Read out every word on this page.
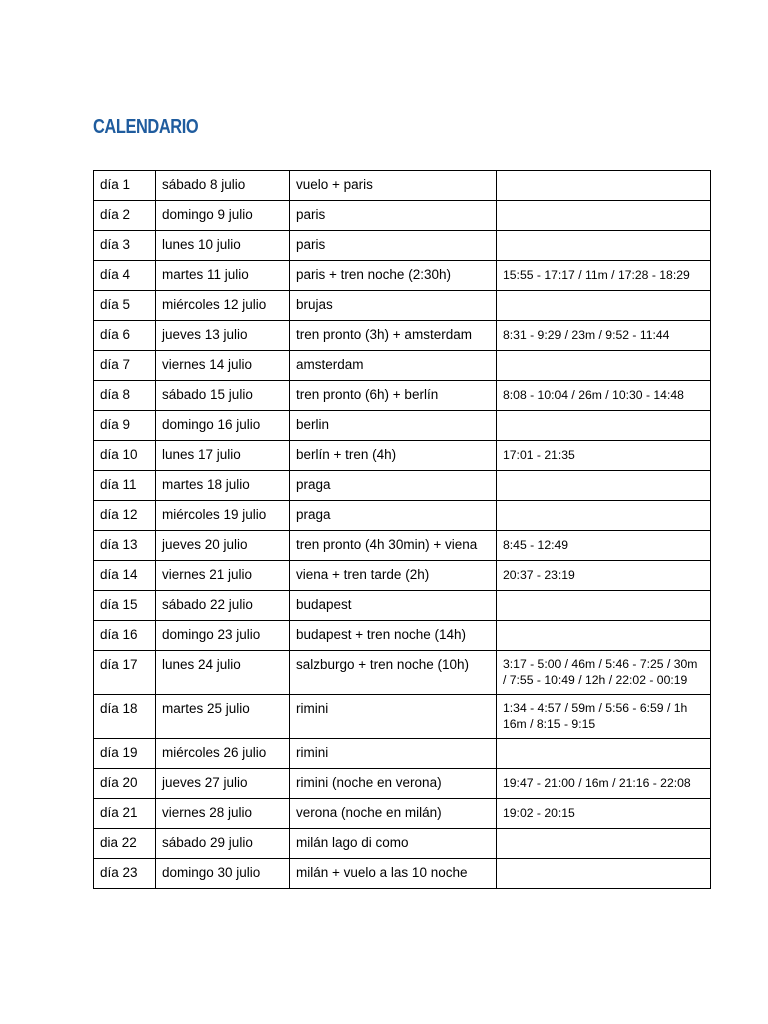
CALENDARIO
día 1	sábado 8 julio	vuelo + paris	
día 2	domingo 9 julio	paris	
día 3	lunes 10 julio	paris	
día 4	martes 11 julio	paris + tren noche (2:30h)	15:55 - 17:17 / 11m / 17:28 - 18:29
día 5	miércoles 12 julio	brujas	
día 6	jueves 13 julio	tren pronto (3h) + amsterdam	8:31 - 9:29 / 23m / 9:52 - 11:44
día 7	viernes 14 julio	amsterdam	
día 8	sábado 15 julio	tren pronto (6h) + berlín	8:08 - 10:04 / 26m / 10:30 - 14:48
día 9	domingo 16 julio	berlin	
día 10	lunes 17 julio	berlín + tren (4h)	17:01 - 21:35
día 11	martes 18 julio	praga	
día 12	miércoles 19 julio	praga	
día 13	jueves 20 julio	tren pronto (4h 30min) + viena	8:45 - 12:49
día 14	viernes 21 julio	viena + tren tarde (2h)	20:37 - 23:19
día 15	sábado 22 julio	budapest	
día 16	domingo 23 julio	budapest + tren noche (14h)	
día 17	lunes 24 julio	salzburgo + tren noche (10h)	3:17 - 5:00 / 46m / 5:46 - 7:25 / 30m / 7:55 - 10:49 / 12h / 22:02 - 00:19
día 18	martes 25 julio	rimini	1:34 - 4:57 / 59m / 5:56 - 6:59 / 1h 16m / 8:15 - 9:15
día 19	miércoles 26 julio	rimini	
día 20	jueves 27 julio	rimini (noche en verona)	19:47 - 21:00 / 16m / 21:16 - 22:08
día 21	viernes 28 julio	verona (noche en milán)	19:02 - 20:15
dia 22	sábado 29 julio	milán lago di como	
día 23	domingo 30 julio	milán + vuelo a las 10 noche	
